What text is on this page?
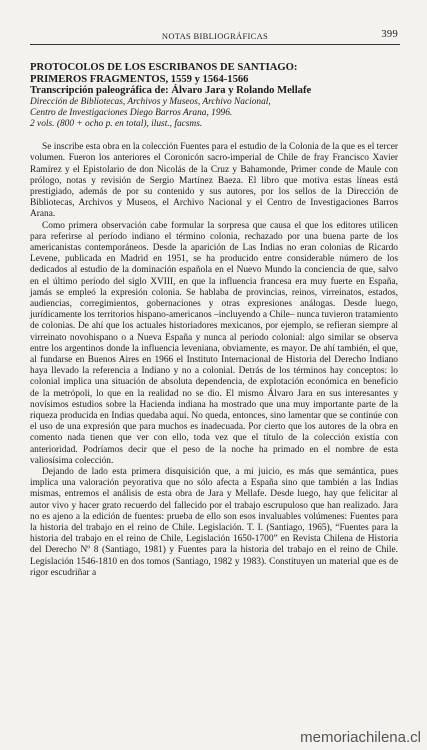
NOTAS BIBLIOGRÁFICAS	399

PROTOCOLOS DE LOS ESCRIBANOS DE SANTIAGO:

PRIMEROS FRAGMENTOS, 1559 y 1564-1566

Transcripción paleográfica de: Álvaro Jara y Rolando Mellafe

Dirección de Bibliotecas, Archivos y Museos, Archivo Nacional,

Centro de Investigaciones Diego Barros Arana, 1996.

2 vols. (800 + ocho p. en total), ilust., facsms.

Se inscribe esta obra en la colección Fuentes para el estudio de la Colonia de la que es el tercer volumen. Fueron los anteriores el Coronicón sacro-imperial de Chile de fray Francisco Xavier Ramírez y el Epistolario de don Nicolás de la Cruz y Bahamonde, Primer conde de Maule con prólogo, notas y revisión de Sergio Martínez Baeza. El libro que motiva estas líneas está prestigiado, además de por su contenido y sus autores, por los sellos de la Dirección de Bibliotecas, Archivos y Museos, el Archivo Nacional y el Centro de Investigaciones Barros Arana.

Como primera observación cabe formular la sorpresa que causa el que los editores utilicen para referirse al período indiano el término colonia, rechazado por una buena parte de los americanistas contemporáneos. Desde la aparición de Las Indias no eran colonias de Ricardo Levene, publicada en Madrid en 1951, se ha producido entre considerable número de los dedicados al estudio de la dominación española en el Nuevo Mundo la conciencia de que, salvo en el último período del siglo XVIII, en que la influencia francesa era muy fuerte en España, jamás se empleó la expresión colonia. Se hablaba de provincias, reinos, virreinatos, estados, audiencias, corregimientos, gobernaciones y otras expresiones análogas. Desde luego, jurídicamente los territorios hispano-americanos –incluyendo a Chile– nunca tuvieron tratamiento de colonias. De ahí que los actuales historiadores mexicanos, por ejemplo, se refieran siempre al virreinato novohispano o a Nueva España y nunca al período colonial: algo similar se observa entre los argentinos donde la influencia leveniana, obviamente, es mayor. De ahí también, el que, al fundarse en Buenos Aires en 1966 el Instituto Internacional de Historia del Derecho Indiano haya llevado la referencia a Indiano y no a colonial. Detrás de los términos hay conceptos: lo colonial implica una situación de absoluta dependencia, de explotación económica en beneficio de la metrópoli, lo que en la realidad no se dio. El mismo Álvaro Jara en sus interesantes y novísimos estudios sobre la Hacienda indiana ha mostrado que una muy importante parte de la riqueza producida en Indias quedaba aquí. No queda, entonces, sino lamentar que se continúe con el uso de una expresión que para muchos es inadecuada. Por cierto que los autores de la obra en comento nada tienen que ver con ello, toda vez que el título de la colección existía con anterioridad. Podríamos decir que el peso de la noche ha primado en el nombre de esta valiosísima colección.

Dejando de lado esta primera disquisición que, a mi juicio, es más que semántica, pues implica una valoración peyorativa que no sólo afecta a España sino que también a las Indias mismas, entremos el análisis de esta obra de Jara y Mellafe. Desde luego, hay que felicitar al autor vivo y hacer grato recuerdo del fallecido por el trabajo escrupuloso que han realizado. Jara no es ajeno a la edición de fuentes: prueba de ello son esos invaluables volúmenes: Fuentes para la historia del trabajo en el reino de Chile. Legislación. T. I. (Santiago, 1965), “Fuentes para la historia del trabajo en el reino de Chile, Legislación 1650-1700” en Revista Chilena de Historia del Derecho Nº 8 (Santiago, 1981) y Fuentes para la historia del trabajo en el reino de Chile. Legislación 1546-1810 en dos tomos (Santiago, 1982 y 1983). Constituyen un material que es de rigor escudriñar a

memoriachilena.cl
